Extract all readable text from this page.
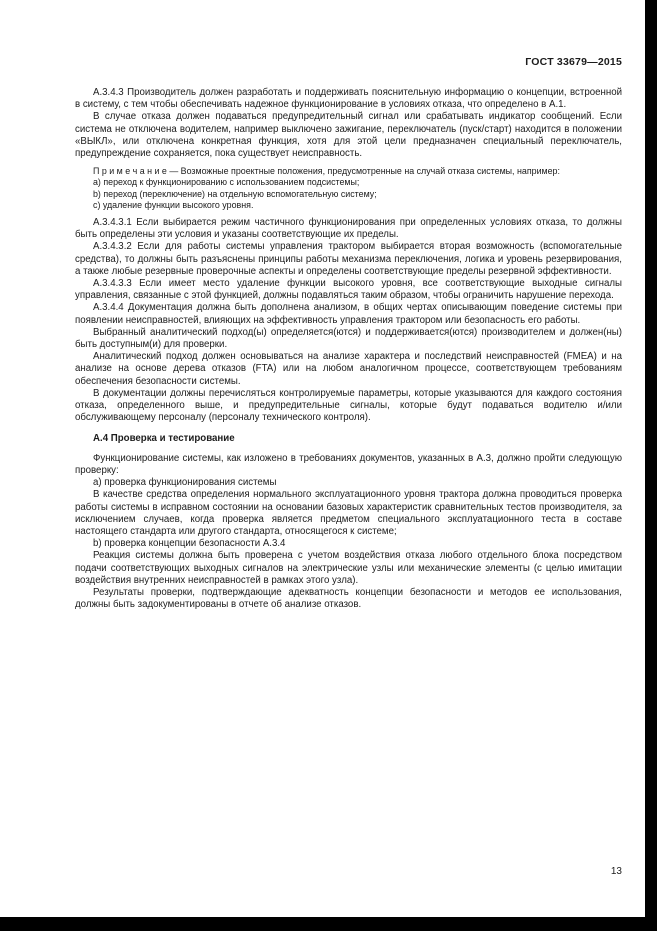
ГОСТ 33679—2015

А.3.4.3 Производитель должен разработать и поддерживать пояснительную информацию о концепции, встроенной в систему, с тем чтобы обеспечивать надежное функционирование в условиях отказа, что определено в А.1.

В случае отказа должен подаваться предупредительный сигнал или срабатывать индикатор сообщений. Если система не отключена водителем, например выключено зажигание, переключатель (пуск/старт) находится в положении «ВЫКЛ», или отключена конкретная функция, хотя для этой цели предназначен специальный переключатель, предупреждение сохраняется, пока существует неисправность.

П р и м е ч а н и е — Возможные проектные положения, предусмотренные на случай отказа системы, например:

а) переход к функционированию с использованием подсистемы;

b) переход (переключение) на отдельную вспомогательную систему;

с) удаление функции высокого уровня.

А.3.4.3.1 Если выбирается режим частичного функционирования при определенных условиях отказа, то должны быть определены эти условия и указаны соответствующие их пределы.

А.3.4.3.2 Если для работы системы управления трактором выбирается вторая возможность (вспомогательные средства), то должны быть разъяснены принципы работы механизма переключения, логика и уровень резервирования, а также любые резервные проверочные аспекты и определены соответствующие пределы резервной эффективности.

А.3.4.3.3 Если имеет место удаление функции высокого уровня, все соответствующие выходные сигналы управления, связанные с этой функцией, должны подавляться таким образом, чтобы ограничить нарушение перехода.

А.3.4.4 Документация должна быть дополнена анализом, в общих чертах описывающим поведение системы при появлении неисправностей, влияющих на эффективность управления трактором или безопасность его работы.

Выбранный аналитический подход(ы) определяется(ются) и поддерживается(ются) производителем и должен(ны) быть доступным(и) для проверки.

Аналитический подход должен основываться на анализе характера и последствий неисправностей (FMEA) и на анализе на основе дерева отказов (FTA) или на любом аналогичном процессе, соответствующем требованиям обеспечения безопасности системы.

В документации должны перечисляться контролируемые параметры, которые указываются для каждого состояния отказа, определенного выше, и предупредительные сигналы, которые будут подаваться водителю и/или обслуживающему персоналу (персоналу технического контроля).

А.4 Проверка и тестирование

Функционирование системы, как изложено в требованиях документов, указанных в А.3, должно пройти следующую проверку:

а) проверка функционирования системы

В качестве средства определения нормального эксплуатационного уровня трактора должна проводиться проверка работы системы в исправном состоянии на основании базовых характеристик сравнительных тестов производителя, за исключением случаев, когда проверка является предметом специального эксплуатационного теста в составе настоящего стандарта или другого стандарта, относящегося к системе;

b) проверка концепции безопасности А.3.4

Реакция системы должна быть проверена с учетом воздействия отказа любого отдельного блока посредством подачи соответствующих выходных сигналов на электрические узлы или механические элементы (с целью имитации воздействия внутренних неисправностей в рамках этого узла).

Результаты проверки, подтверждающие адекватность концепции безопасности и методов ее использования, должны быть задокументированы в отчете об анализе отказов.

13
